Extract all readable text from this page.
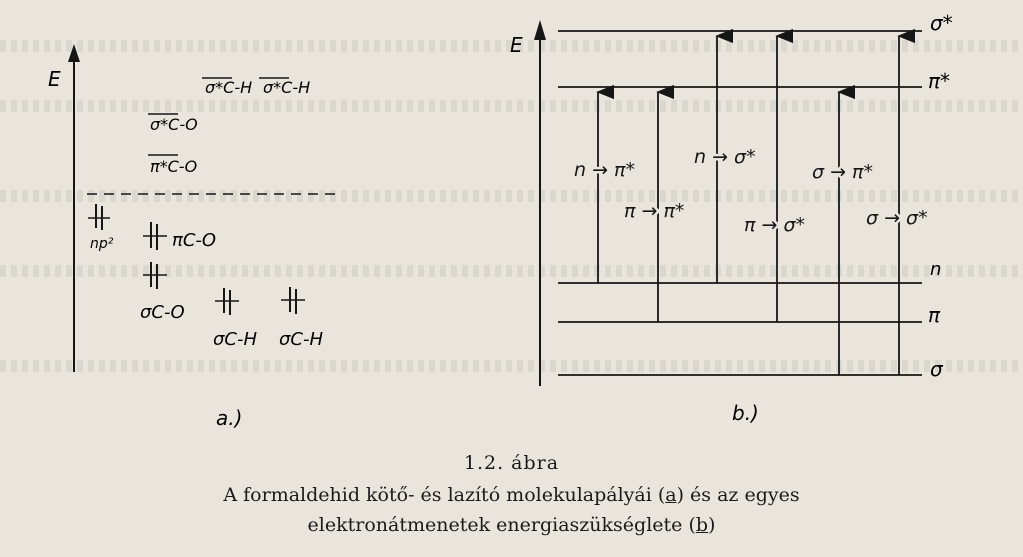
E	σ*C-H σ*C-H
σ*C-O
π*C-O
np²	πC-O
σC-O
σC-H σC-H
a.)
E
σ*
π*
n
π
σ
n → π*
π → π*
n → σ*
π → σ*
σ → π*
σ → σ*
b.)
1.2. ábra
A formaldehid kötő- és lazító molekulapályái (a) és az egyes
elektronátmenetek energiaszükséglete (b)
